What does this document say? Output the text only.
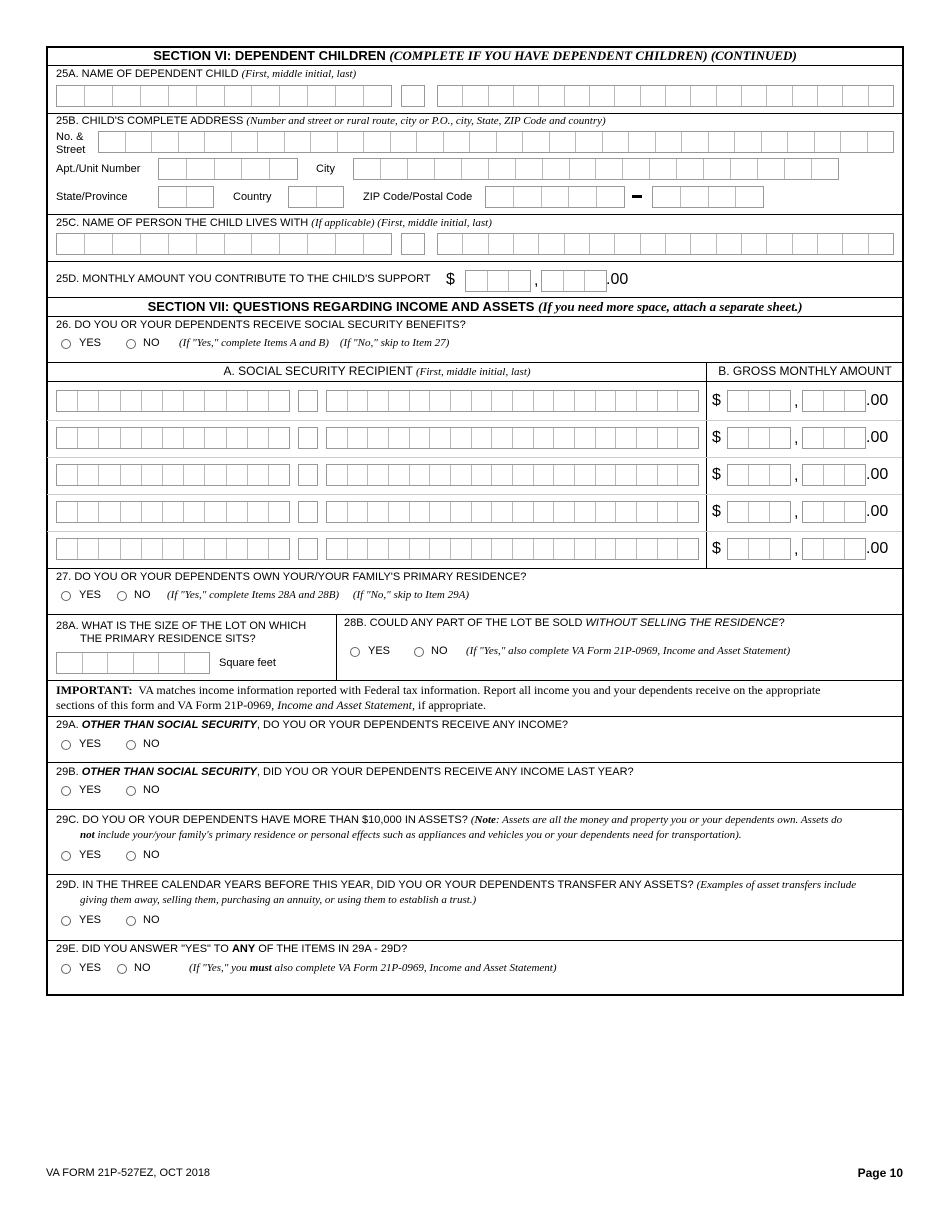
SECTION VI: DEPENDENT CHILDREN (COMPLETE IF YOU HAVE DEPENDENT CHILDREN) (CONTINUED)
25A. NAME OF DEPENDENT CHILD (First, middle initial, last)
25B. CHILD'S COMPLETE ADDRESS (Number and street or rural route, city or P.O., city, State, ZIP Code and country)
No. &
Street
Apt./Unit Number	City
State/Province	Country	ZIP Code/Postal Code
25C. NAME OF PERSON THE CHILD LIVES WITH (If applicable) (First, middle initial, last)
25D. MONTHLY AMOUNT YOU CONTRIBUTE TO THE CHILD'S SUPPORT $	,	.00
SECTION VII: QUESTIONS REGARDING INCOME AND ASSETS (If you need more space, attach a separate sheet.)
26. DO YOU OR YOUR DEPENDENTS RECEIVE SOCIAL SECURITY BENEFITS?
YES	NO (If "Yes," complete Items A and B) (If "No," skip to Item 27)
A. SOCIAL SECURITY RECIPIENT (First, middle initial, last)	B. GROSS MONTHLY AMOUNT
$	,	.00
$	,	.00
$	,	.00
$	,	.00
$	,	.00
27. DO YOU OR YOUR DEPENDENTS OWN YOUR/YOUR FAMILY'S PRIMARY RESIDENCE?
YES	NO (If "Yes," complete Items 28A and 28B) (If "No," skip to Item 29A)
28A. WHAT IS THE SIZE OF THE LOT ON WHICH
THE PRIMARY RESIDENCE SITS?
Square feet
28B. COULD ANY PART OF THE LOT BE SOLD WITHOUT SELLING THE RESIDENCE?
YES	NO (If "Yes," also complete VA Form 21P-0969, Income and Asset Statement)
IMPORTANT: VA matches income information reported with Federal tax information. Report all income you and your dependents receive on the appropriate
sections of this form and VA Form 21P-0969, Income and Asset Statement, if appropriate.
29A. OTHER THAN SOCIAL SECURITY, DO YOU OR YOUR DEPENDENTS RECEIVE ANY INCOME?
YES	NO
29B. OTHER THAN SOCIAL SECURITY, DID YOU OR YOUR DEPENDENTS RECEIVE ANY INCOME LAST YEAR?
YES	NO
29C. DO YOU OR YOUR DEPENDENTS HAVE MORE THAN $10,000 IN ASSETS? (Note: Assets are all the money and property you or your dependents own. Assets do
not include your/your family's primary residence or personal effects such as appliances and vehicles you or your dependents need for transportation).
YES	NO
29D. IN THE THREE CALENDAR YEARS BEFORE THIS YEAR, DID YOU OR YOUR DEPENDENTS TRANSFER ANY ASSETS? (Examples of asset transfers include
giving them away, selling them, purchasing an annuity, or using them to establish a trust.)
YES	NO
29E. DID YOU ANSWER "YES" TO ANY OF THE ITEMS IN 29A - 29D?
YES	NO	(If "Yes," you must also complete VA Form 21P-0969, Income and Asset Statement)
VA FORM 21P-527EZ, OCT 2018	Page 10
